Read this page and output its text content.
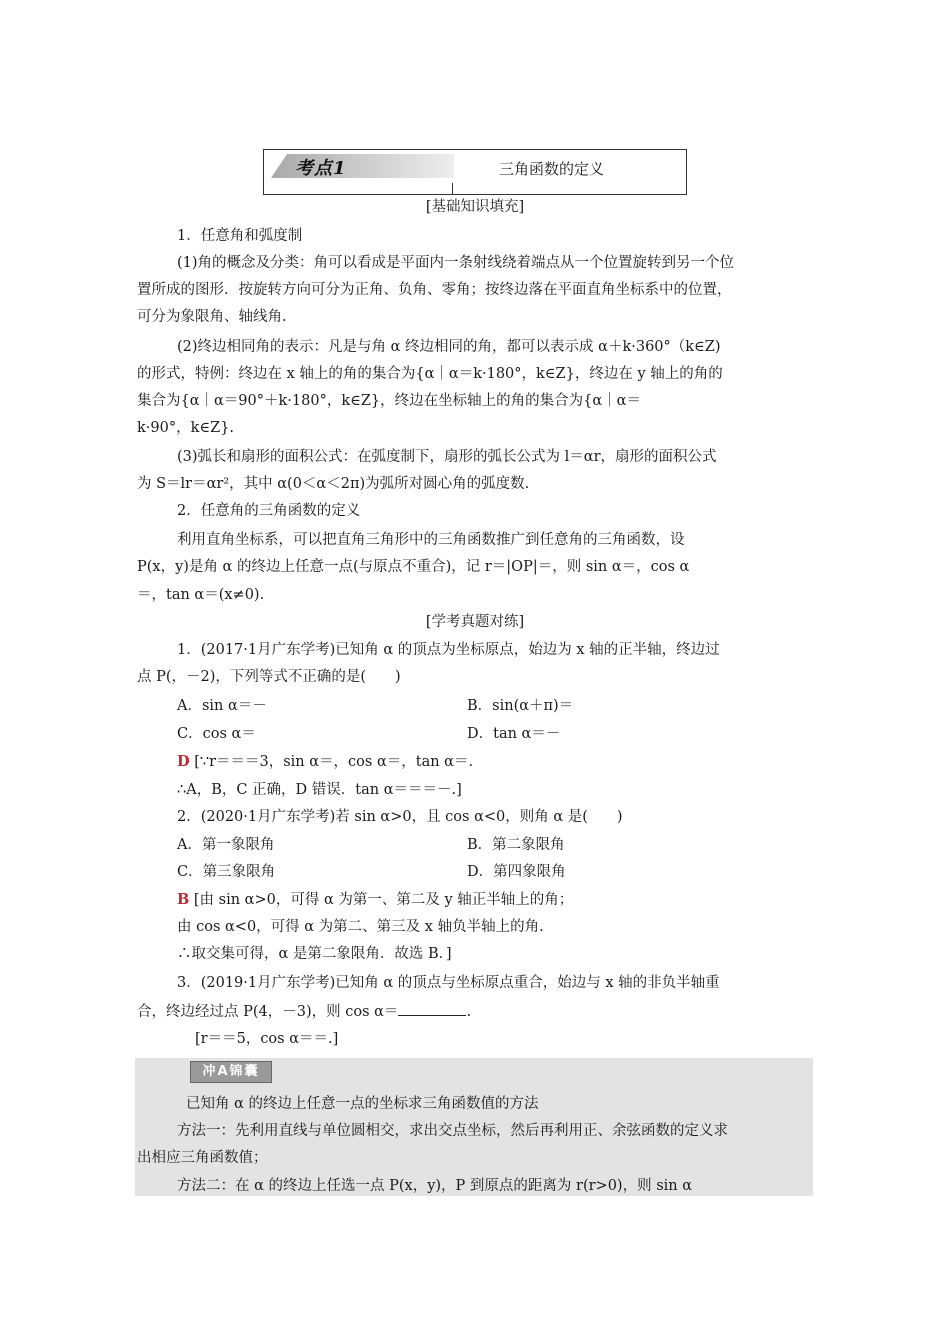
考点1	三角函数的定义
[基础知识填充]
1．任意角和弧度制
(1)角的概念及分类：角可以看成是平面内一条射线绕着端点从一个位置旋转到另一个位
置所成的图形．按旋转方向可分为正角、负角、零角；按终边落在平面直角坐标系中的位置，
可分为象限角、轴线角.
(2)终边相同角的表示：凡是与角 α 终边相同的角，都可以表示成 α＋k·360°（k∈Z)
的形式，特例：终边在 x 轴上的角的集合为{α｜α＝k·180°，k∈Z}，终边在 y 轴上的角的
集合为{α｜α＝90°＋k·180°，k∈Z}，终边在坐标轴上的角的集合为{α｜α＝
k·90°，k∈Z}.
(3)弧长和扇形的面积公式：在弧度制下，扇形的弧长公式为 l＝αr，扇形的面积公式
为 S＝lr＝αr²，其中 α(0＜α＜2π)为弧所对圆心角的弧度数.
2．任意角的三角函数的定义
利用直角坐标系，可以把直角三角形中的三角函数推广到任意角的三角函数，设
P(x，y)是角 α 的终边上任意一点(与原点不重合)，记 r＝|OP|＝，则 sin α＝，cos α
＝，tan α＝(x≠0).
[学考真题对练]
1．(2017·1月广东学考)已知角 α 的顶点为坐标原点，始边为 x 轴的正半轴，终边过
点 P(，－2)，下列等式不正确的是(　　)
A．sin α＝－	B．sin(α＋π)＝
C．cos α＝	D．tan α＝－
D [∵r＝＝＝3，sin α＝，cos α＝，tan α＝.
∴A，B，C 正确，D 错误．tan α＝＝＝－.]
2．(2020·1月广东学考)若 sin α>0，且 cos α<0，则角 α 是(　　)
A．第一象限角	B．第二象限角
C．第三象限角	D．第四象限角
B [由 sin α>0，可得 α 为第一、第二及 y 轴正半轴上的角；
由 cos α<0，可得 α 为第二、第三及 x 轴负半轴上的角.
∴取交集可得，α 是第二象限角．故选 B．]
3．(2019·1月广东学考)已知角 α 的顶点与坐标原点重合，始边与 x 轴的非负半轴重
合，终边经过点 P(4，－3)，则 cos α＝	.
[r＝＝5，cos α＝＝.]
冲A锦囊
已知角 α 的终边上任意一点的坐标求三角函数值的方法
方法一：先利用直线与单位圆相交，求出交点坐标，然后再利用正、余弦函数的定义求
出相应三角函数值；
方法二：在 α 的终边上任选一点 P(x，y)，P 到原点的距离为 r(r>0)，则 sin α
